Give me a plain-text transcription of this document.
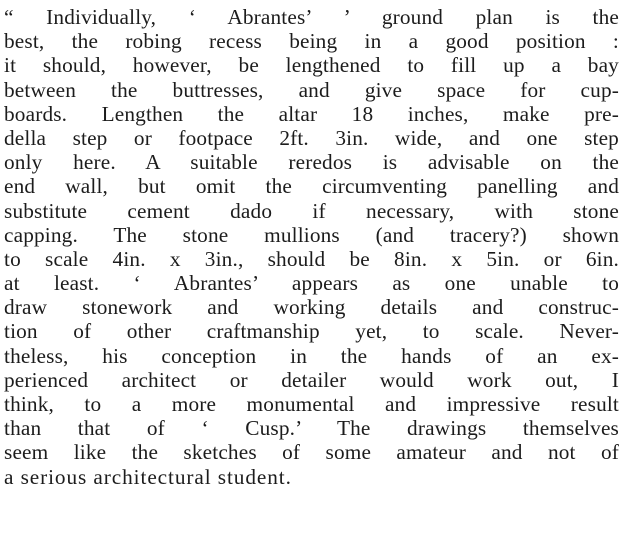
“ Individually, ‘ Abrantes’ ’ ground plan is the
best, the robing recess being in a good position :
it should, however, be lengthened to fill up a bay
between the buttresses, and give space for cup-
boards. Lengthen the altar 18 inches, make pre-
della step or footpace 2ft. 3in. wide, and one step
only here. A suitable reredos is advisable on the
end wall, but omit the circumventing panelling and
substitute cement dado if necessary, with stone
capping. The stone mullions (and tracery?) shown
to scale 4in. x 3in., should be 8in. x 5in. or 6in.
at least. ‘ Abrantes’ appears as one unable to
draw stonework and working details and construc-
tion of other craftmanship yet, to scale. Never-
theless, his conception in the hands of an ex-
perienced architect or detailer would work out, I
think, to a more monumental and impressive result
than that of ‘ Cusp.’ The drawings themselves
seem like the sketches of some amateur and not of
a serious architectural student.
